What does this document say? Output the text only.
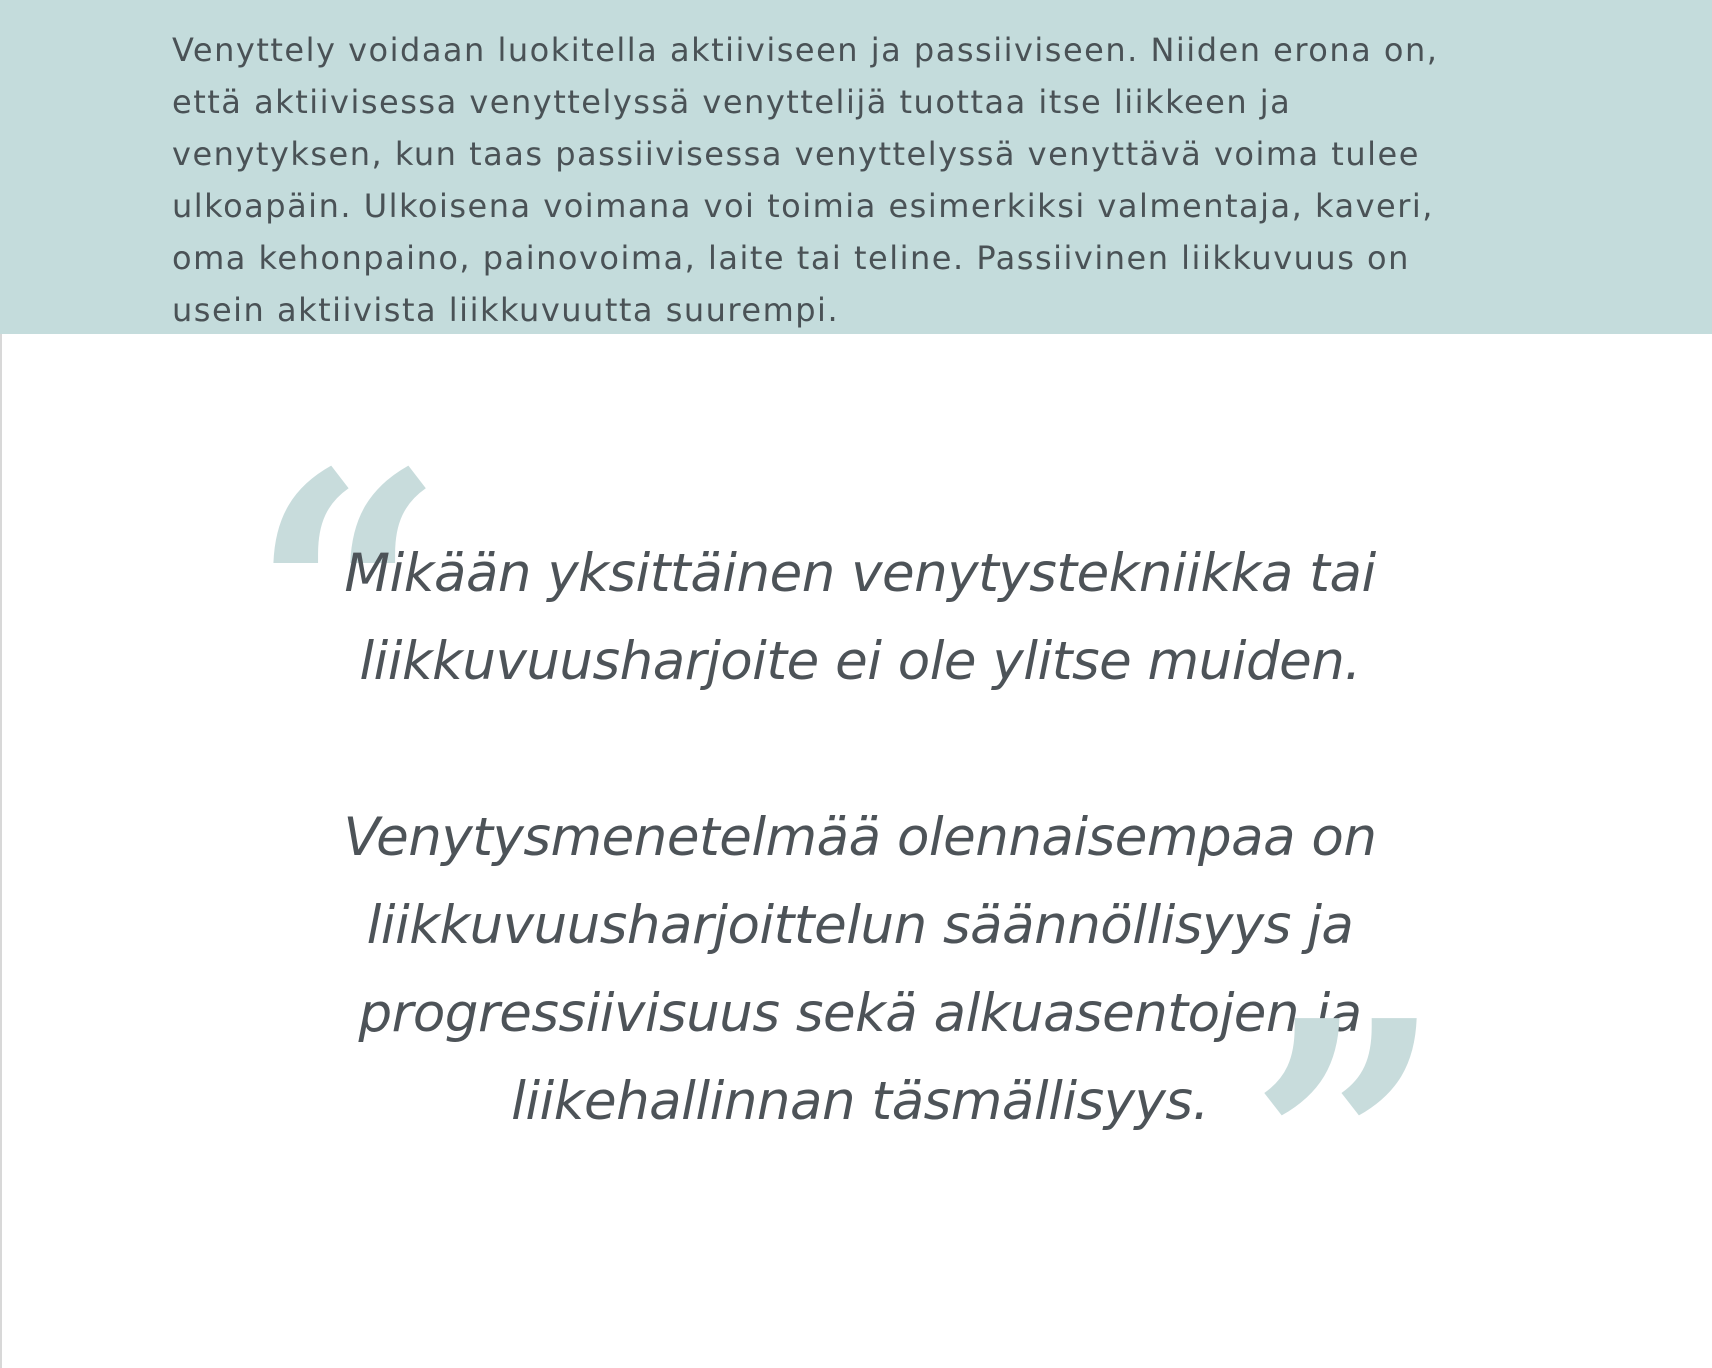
Venyttely voidaan luokitella aktiiviseen ja passiiviseen. Niiden erona on,
että aktiivisessa venyttelyssä venyttelijä tuottaa itse liikkeen ja
venytyksen, kun taas passiivisessa venyttelyssä venyttävä voima tulee
ulkoapäin. Ulkoisena voimana voi toimia esimerkiksi valmentaja, kaveri,
oma kehonpaino, painovoima, laite tai teline. Passiivinen liikkuvuus on
usein aktiivista liikkuvuutta suurempi.

“

Mikään yksittäinen venytystekniikka tai
liikkuvuusharjoite ei ole ylitse muiden.

Venytysmenetelmää olennaisempaa on
liikkuvuusharjoittelun säännöllisyys ja
progressiivisuus sekä alkuasentojen ja
liikehallinnan täsmällisyys. ”
